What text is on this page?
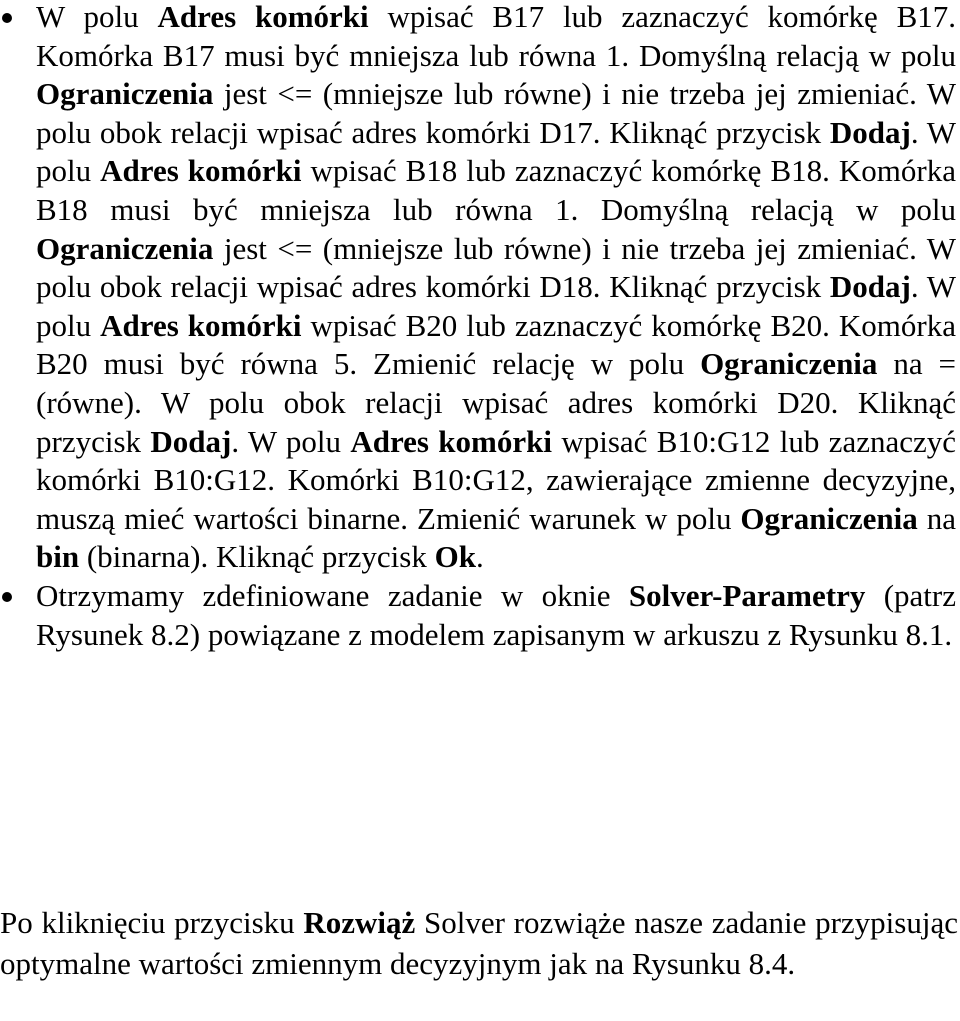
W polu Adres komórki wpisać B17 lub zaznaczyć komórkę B17. Komórka B17 musi być mniejsza lub równa 1. Domyślną relacją w polu Ograniczenia jest <= (mniejsze lub równe) i nie trzeba jej zmieniać. W polu obok relacji wpisać adres komórki D17. Kliknąć przycisk Dodaj. W polu Adres komórki wpisać B18 lub zaznaczyć komórkę B18. Komórka B18 musi być mniejsza lub równa 1. Domyślną relacją w polu Ograniczenia jest <= (mniejsze lub równe) i nie trzeba jej zmieniać. W polu obok relacji wpisać adres komórki D18. Kliknąć przycisk Dodaj. W polu Adres komórki wpisać B20 lub zaznaczyć komórkę B20. Komórka B20 musi być równa 5. Zmienić relację w polu Ograniczenia na = (równe). W polu obok relacji wpisać adres komórki D20. Kliknąć przycisk Dodaj. W polu Adres komórki wpisać B10:G12 lub zaznaczyć komórki B10:G12. Komórki B10:G12, zawierające zmienne decyzyjne, muszą mieć wartości binarne. Zmienić warunek w polu Ograniczenia na bin (binarna). Kliknąć przycisk Ok.
Otrzymamy zdefiniowane zadanie w oknie Solver-Parametry (patrz Rysunek 8.2) powiązane z modelem zapisanym w arkuszu z Rysunku 8.1.

Po kliknięciu przycisku Rozwiąż Solver rozwiąże nasze zadanie przypisując optymalne wartości zmiennym decyzyjnym jak na Rysunku 8.4.
